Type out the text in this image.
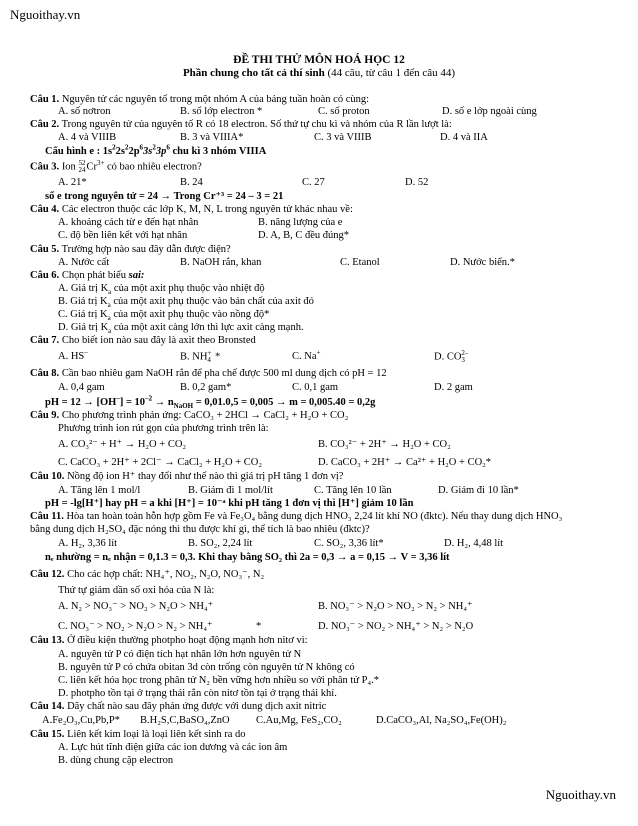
Nguoithay.vn
ĐỀ THI THỬ MÔN HOÁ HỌC 12
Phần chung cho tất cả thí sinh (44 câu, từ câu 1 đến câu 44)
Câu 1. Nguyên tử các nguyên tố trong một nhóm A của bảng tuần hoàn có cùng:
A. số nơtron	B. số lớp electron *	C. số proton	D. số e lớp ngoài cùng
Câu 2. Trong nguyên tử của nguyên tố R có 18 electron. Số thứ tự chu kì và nhóm của R lần lượt là:
A. 4 và VIIIB	B. 3 và VIIIA*	C. 3 và VIIIB	D. 4 và IIA
Cấu hình e : $1s^22s^22p^63s^23p^6$ chu kì 3 nhóm VIIIA
Câu 3. Ion 52
$24Cr^{3+}$ có bao nhiêu electron?
A. 21*	B. 24	C. 27	D. 52
số e trong nguyên tử = 24 → Trong Cr⁺³ = 24 – 3 = 21
Câu 4. Các electron thuộc các lớp K, M, N, L trong nguyên tử khác nhau về:
A. khoảng cách từ e đến hạt nhân	B. năng lượng của e
C. độ bền liên kết với hạt nhân	D. A, B, C đều đúng*
Câu 5. Trường hợp nào sau đây dẫn được điện?
A. Nước cất	B. NaOH rắn, khan	C. Etanol	D. Nước biển.*
Câu 6. Chọn phát biểu sai:
A. Giá trị $K_a$ của một axit phụ thuộc vào nhiệt độ
B. Giá trị $K_a$ của một axit phụ thuộc vào bản chất của axit đó
C. Giá trị $K_a$ của một axit phụ thuộc vào nồng độ*
D. Giá trị $K_a$ của một axit càng lớn thì lực axit càng mạnh.
Câu 7. Cho biết ion nào sau đây là axit theo Bronsted
A. HS–	B. NH+
4 *	C. Na+	D. CO2–
3
Câu 8. Cần bao nhiêu gam NaOH rắn để pha chế được 500 ml dung dịch có pH = 12
A. 0,4 gam	B. 0,2 gam*	C. 0,1 gam	D. 2 gam
pH = $12 \to [OH^-] = 10^{-2} \to n_{NaOH} = 0,01.0,5 = 0,005 \to m = 0,005.40 = 0,2g$
Câu 9. Cho phương trình phản ứng: CaCO₃ + 2HCl → CaCl₂ + H₂O + CO₂
Phương trình ion rút gọn của phương trình trên là:
A. CO₃²⁻ + H⁺ → H₂O + CO₂	B. CO₃²⁻ + 2H⁺ → H₂O + CO₂
C. CaCO₃ + 2H⁺ + 2Cl⁻ → CaCl₂ + H₂O + CO₂	D. CaCO₃ + 2H⁺ → Ca²⁺ + H₂O + CO₂*
Câu 10. Nồng độ ion H⁺ thay đổi như thế nào thì giá trị pH tăng 1 đơn vị?
A. Tăng lên 1 mol/l	B. Giảm đi 1 mol/lít	C. Tăng lên 10 lần	D. Giảm đi 10 lần*
pH = -lg[H⁺] hay pH = a khi [H⁺] = 10⁻ᵃ khi pH tăng 1 đơn vị thì [H⁺] giảm 10 lần
Câu 11. Hòa tan hoàn toàn hỗn hợp gồm Fe và Fe₃O₄ bằng dung dịch HNO₃ 2,24 lít khí NO (đktc). Nếu thay dung dịch HNO₃
bằng dung dịch H₂SO₄ đặc nóng thì thu được khí gì, thể tích là bao nhiêu (đktc)?
A. H₂, 3,36 lít	B. SO₂, 2,24 lít	C. SO₂, 3,36 lít*	D. H₂, 4,48 lít
nₑ nhường = nₑ nhận = 0,1.3 = 0,3. Khi thay bằng SO₂ thì 2a = 0,3 → a = 0,15 → V = 3,36 lít
Câu 12. Cho các hợp chất: NH₄⁺, NO₂, N₂O, NO₃⁻, N₂
Thứ tự giảm dần số oxi hóa của N là:
A. N₂ > NO₃⁻ > NO₂ > N₂O > NH₄⁺	B. NO₃⁻ > N₂O > NO₂ > N₂ > NH₄⁺
C. NO₃⁻ > NO₂ > N₂O > N₂ > NH₄⁺	*	D. NO₃⁻ > NO₂ > NH₄⁺ > N₂ > N₂O
Câu 13. Ở điều kiện thường photpho hoạt động mạnh hơn nitơ vì:
A. nguyên tử P có điện tích hạt nhân lớn hơn nguyên tử N
B. nguyên tử P có chứa obitan 3d còn trống còn nguyên tử N không có
C. liên kết hóa học trong phân tử N₂ bền vững hơn nhiều so với phân tử P₄.*
D. photpho tồn tại ở trạng thái rắn còn nitơ tồn tại ở trạng thái khí.
Câu 14. Dãy chất nào sau đây phản ứng được với dung dịch axit nitric
A.Fe₂O₃,Cu,Pb,P* B.H₂S,C,BaSO₄,ZnO	C.Au,Mg, FeS₂,CO₂	D.CaCO₃,Al, Na₂SO₄,Fe(OH)₂
Câu 15. Liên kết kim loại là loại liên kết sinh ra do
A. Lực hút tĩnh điện giữa các ion dương và các ion âm
B. dùng chung cặp electron
Nguoithay.vn
